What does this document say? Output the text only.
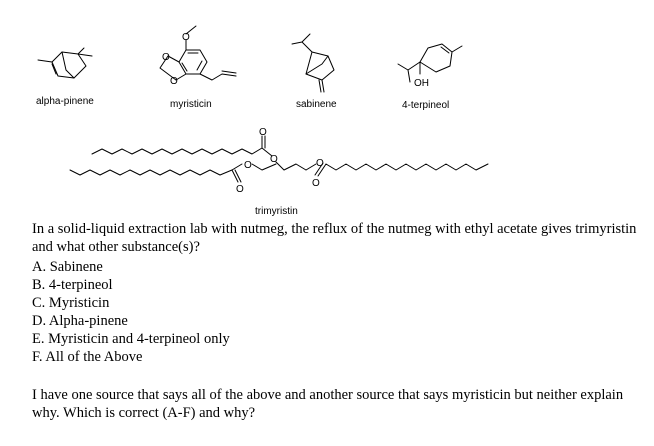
alpha-pinene
O
O
O
myristicin	sabinene
OH
4-terpineol
O
O
O
O	O
O
trimyristin
In a solid-liquid extraction lab with nutmeg, the reflux of the nutmeg with ethyl acetate gives trimyristin and what other substance(s)?
A. Sabinene
B. 4-terpineol
C. Myristicin
D. Alpha-pinene
E. Myristicin and 4-terpineol only
F. All of the Above
I have one source that says all of the above and another source that says myristicin but neither explain why. Which is correct (A-F) and why?
